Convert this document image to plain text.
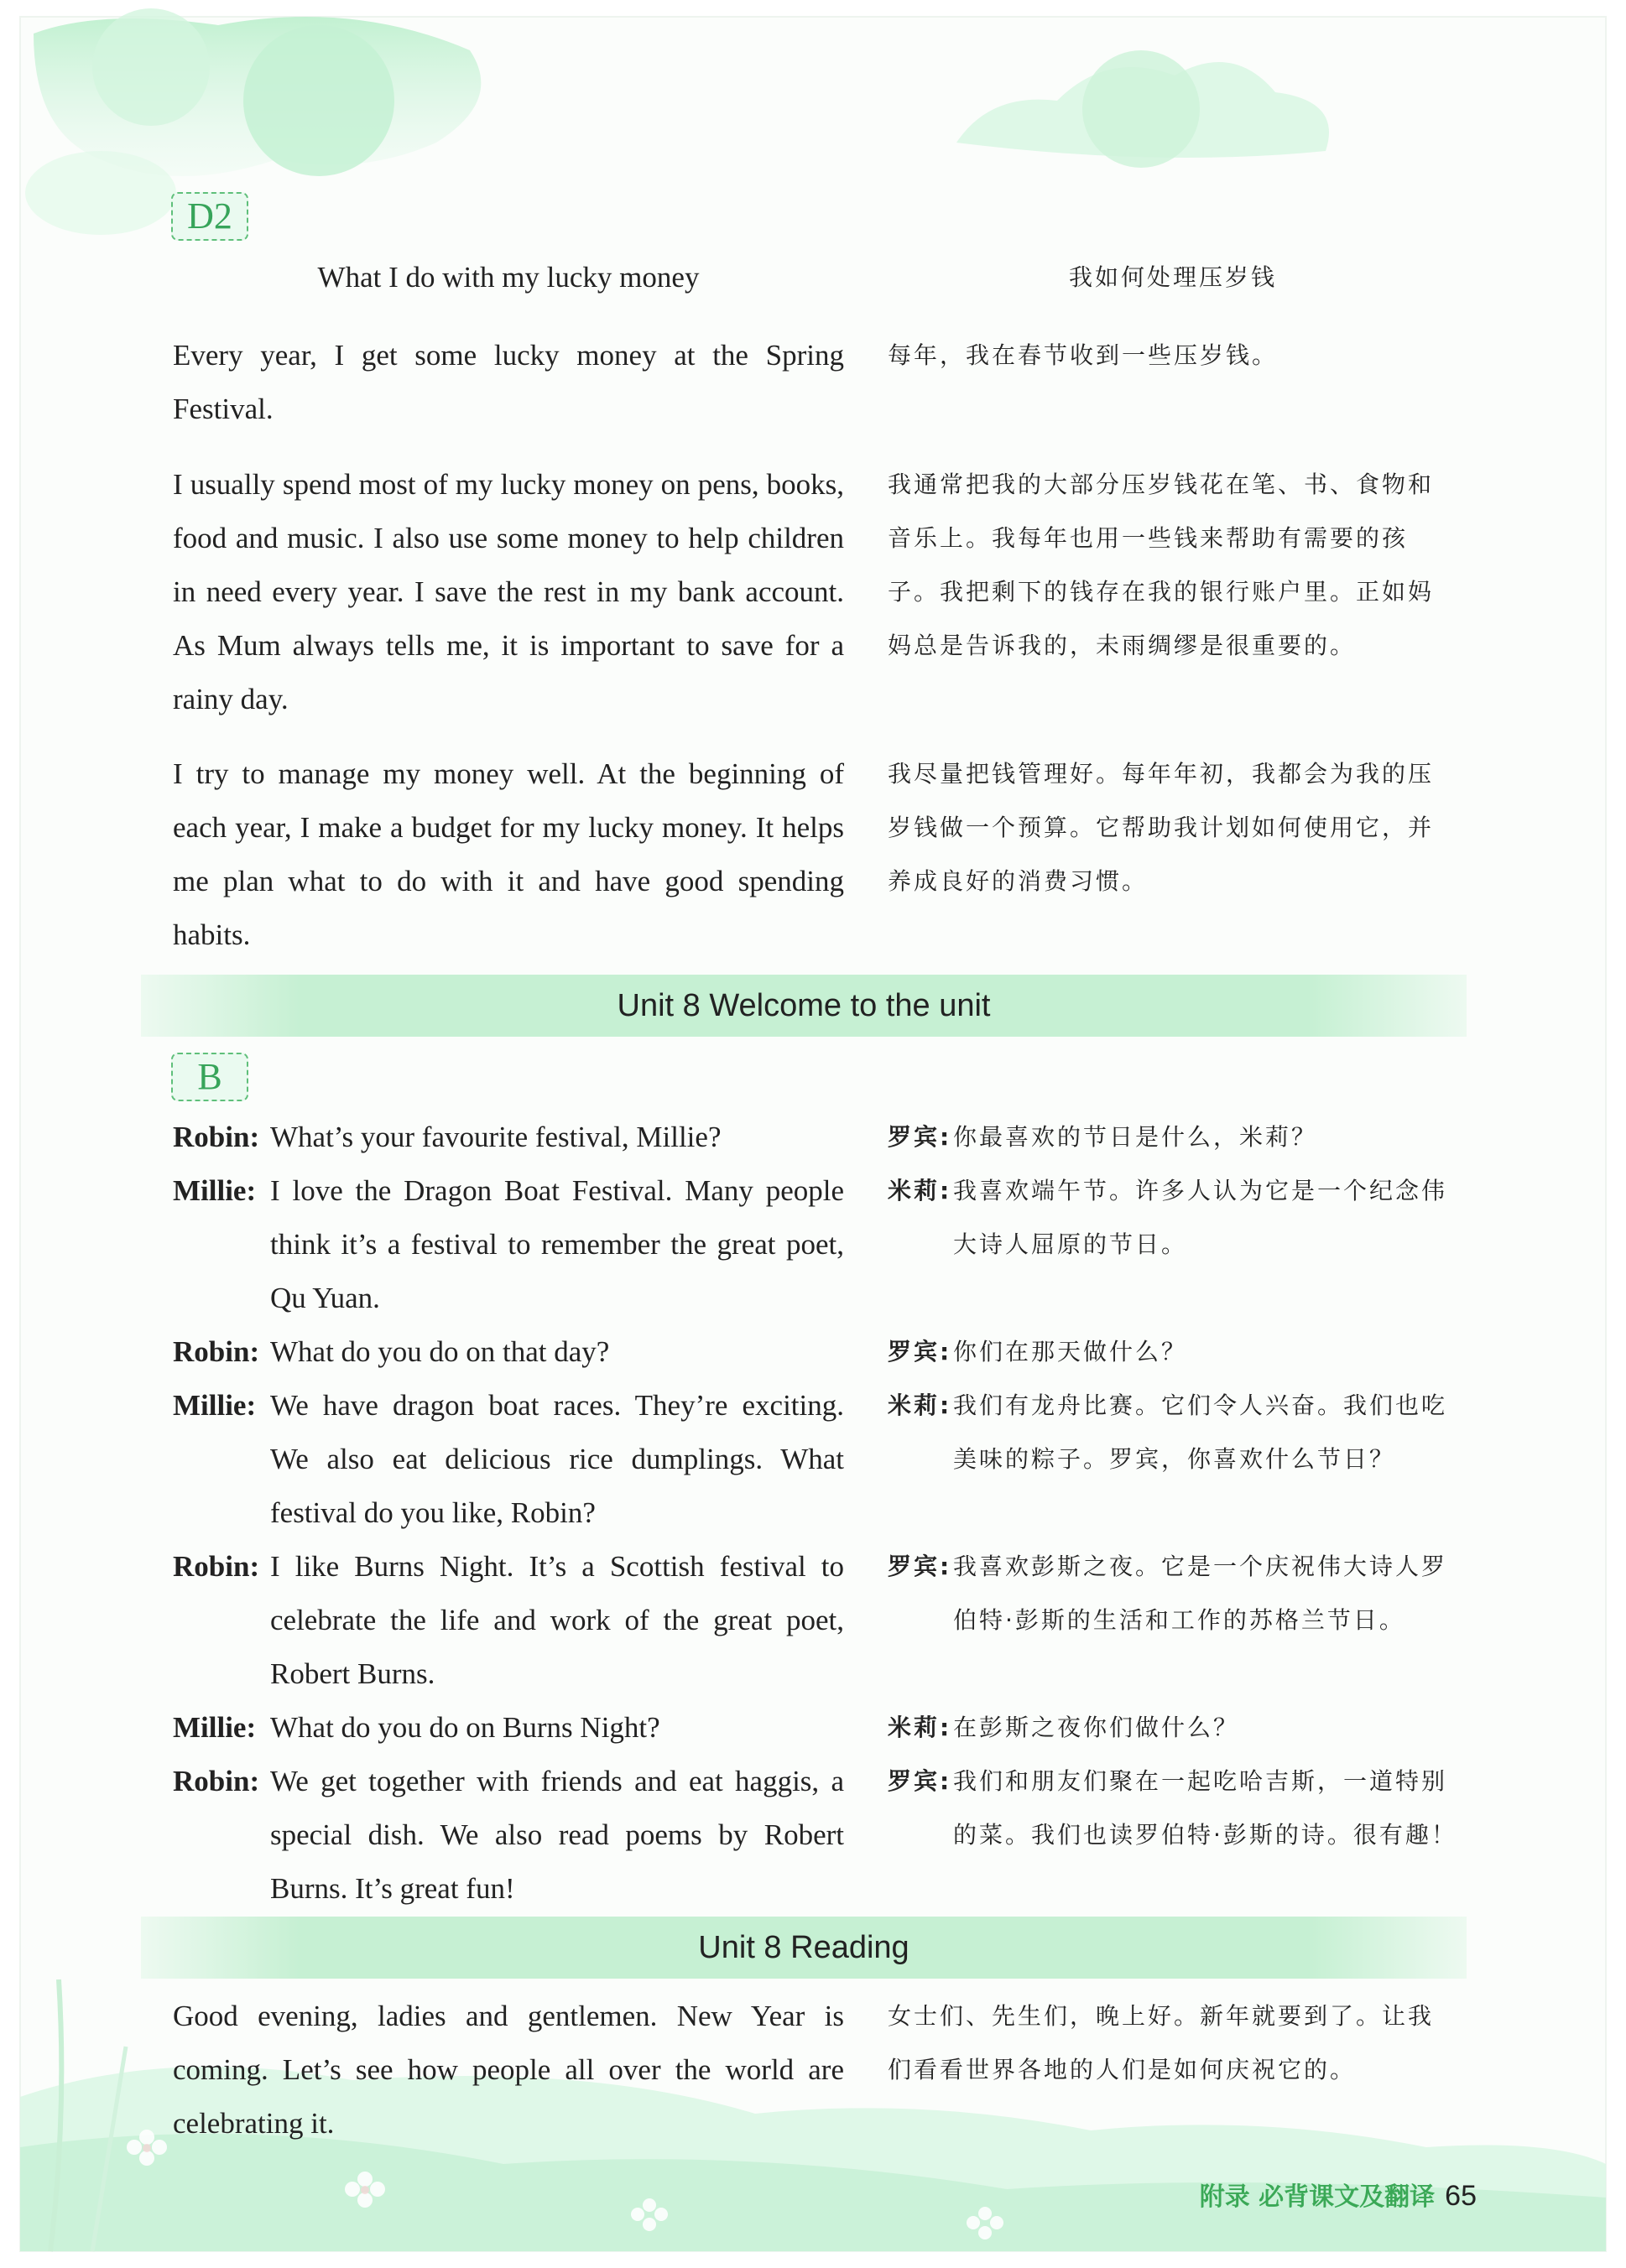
D2
What I do with my lucky money	我如何处理压岁钱
Every year, I get some lucky money at the Spring Festival.
每年，我在春节收到一些压岁钱。
I usually spend most of my lucky money on pens, books, food and music. I also use some money to help children in need every year. I save the rest in my bank account. As Mum always tells me, it is important to save for a rainy day.
我通常把我的大部分压岁钱花在笔、书、食物和音乐上。我每年也用一些钱来帮助有需要的孩子。我把剩下的钱存在我的银行账户里。正如妈妈总是告诉我的，未雨绸缪是很重要的。
I try to manage my money well. At the beginning of each year, I make a budget for my lucky money. It helps me plan what to do with it and have good spending habits.
我尽量把钱管理好。每年年初，我都会为我的压岁钱做一个预算。它帮助我计划如何使用它，并养成良好的消费习惯。
Unit 8 Welcome to the unit
B
Robin: What’s your favourite festival, Millie?	罗宾: 你最喜欢的节日是什么，米莉？
Millie: I love the Dragon Boat Festival. Many people think it’s a festival to remember the great poet, Qu Yuan.
米莉: 我喜欢端午节。许多人认为它是一个纪念伟大诗人屈原的节日。
Robin: What do you do on that day?	罗宾: 你们在那天做什么？
Millie: We have dragon boat races. They’re exciting. We also eat delicious rice dumplings. What festival do you like, Robin?
米莉: 我们有龙舟比赛。它们令人兴奋。我们也吃美味的粽子。罗宾，你喜欢什么节日？
Robin: I like Burns Night. It’s a Scottish festival to celebrate the life and work of the great poet, Robert Burns.
罗宾: 我喜欢彭斯之夜。它是一个庆祝伟大诗人罗伯特·彭斯的生活和工作的苏格兰节日。
Millie: What do you do on Burns Night?	米莉: 在彭斯之夜你们做什么？
Robin: We get together with friends and eat haggis, a special dish. We also read poems by Robert Burns. It’s great fun!
罗宾: 我们和朋友们聚在一起吃哈吉斯，一道特别的菜。我们也读罗伯特·彭斯的诗。很有趣！
Unit 8 Reading
Good evening, ladies and gentlemen. New Year is coming. Let’s see how people all over the world are celebrating it.
女士们、先生们，晚上好。新年就要到了。让我们看看世界各地的人们是如何庆祝它的。
附录 必背课文及翻译 65
